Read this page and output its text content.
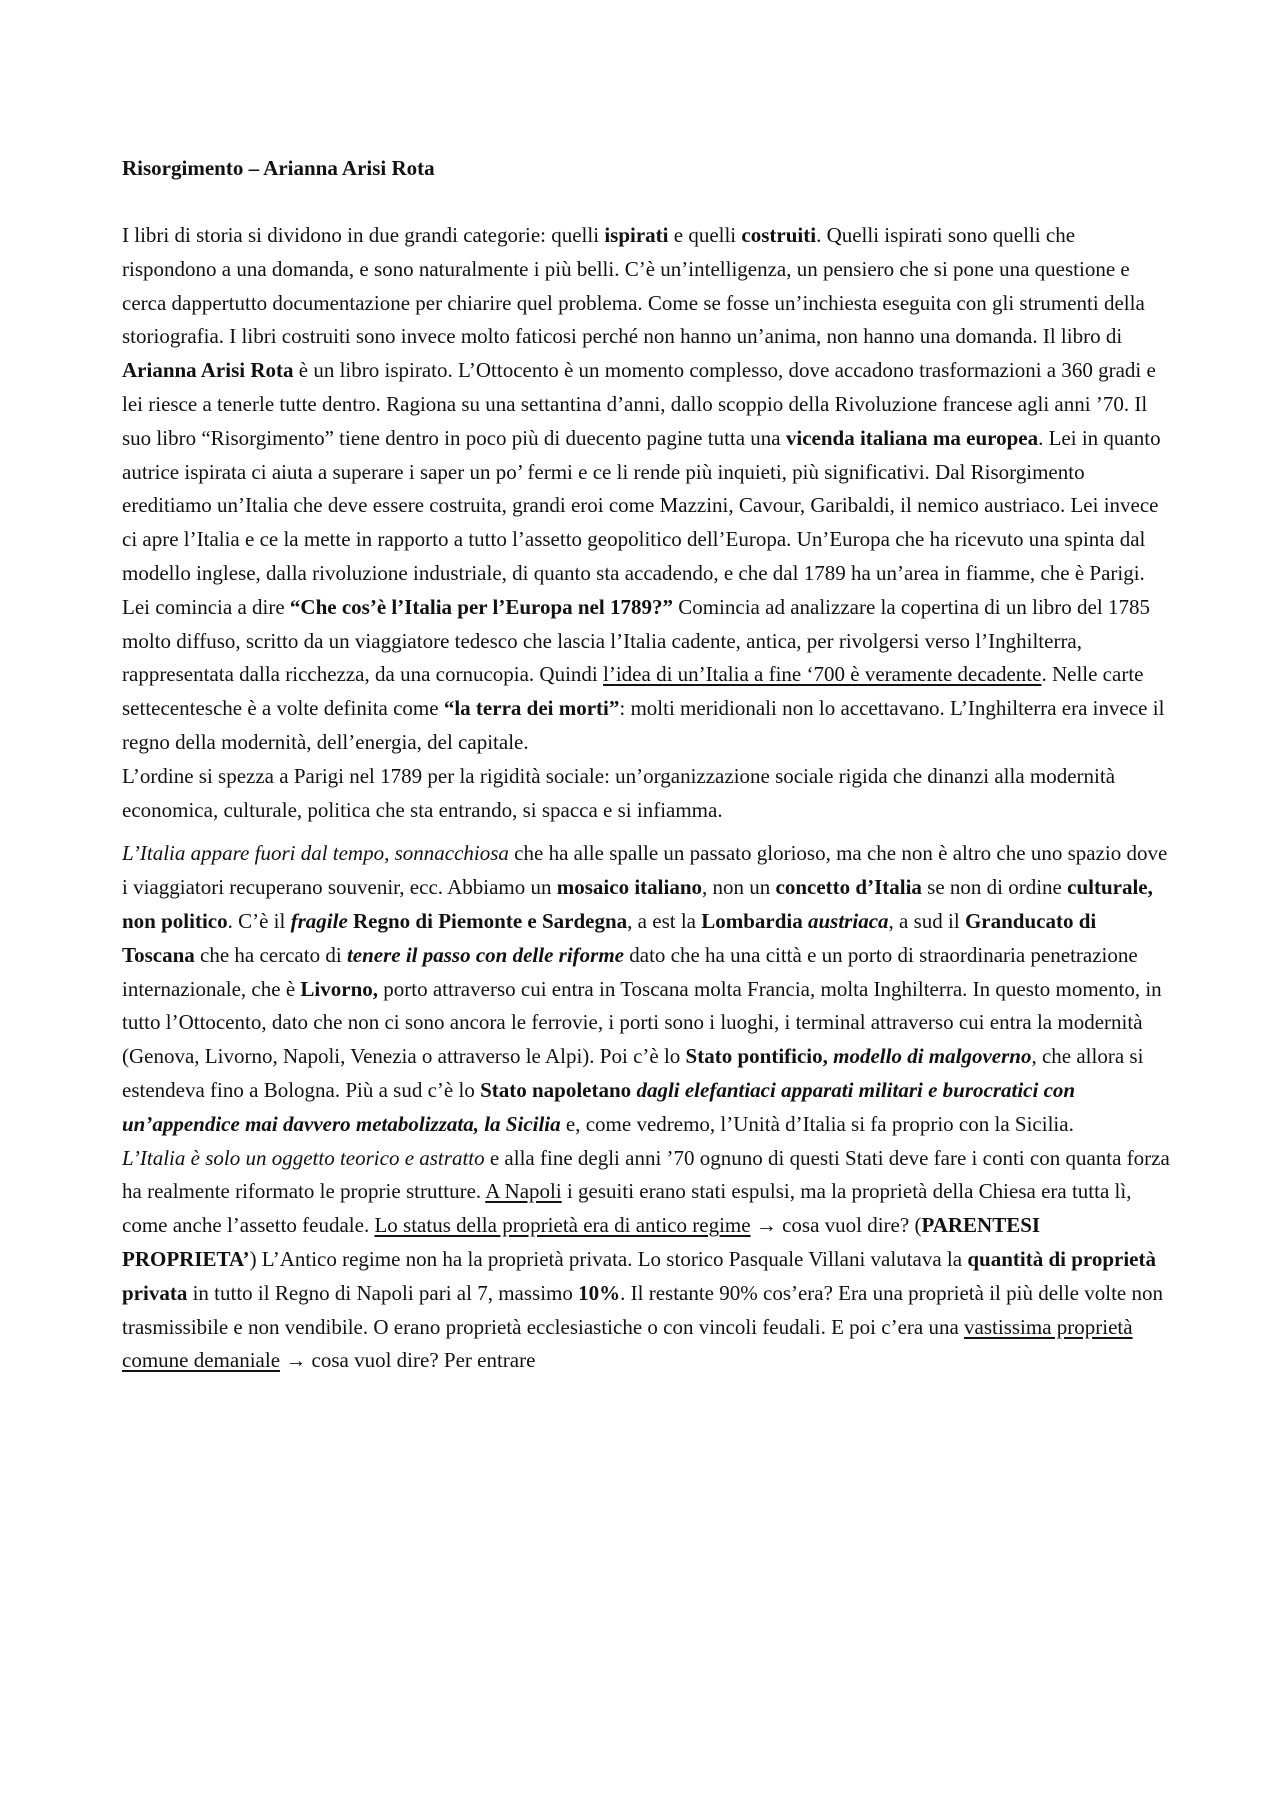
Risorgimento – Arianna Arisi Rota

I libri di storia si dividono in due grandi categorie: quelli ispirati e quelli costruiti. Quelli ispirati sono quelli che rispondono a una domanda, e sono naturalmente i più belli. C’è un’intelligenza, un pensiero che si pone una questione e cerca dappertutto documentazione per chiarire quel problema. Come se fosse un’inchiesta eseguita con gli strumenti della storiografia. I libri costruiti sono invece molto faticosi perché non hanno un’anima, non hanno una domanda. Il libro di Arianna Arisi Rota è un libro ispirato. L’Ottocento è un momento complesso, dove accadono trasformazioni a 360 gradi e lei riesce a tenerle tutte dentro. Ragiona su una settantina d’anni, dallo scoppio della Rivoluzione francese agli anni ’70. Il suo libro “Risorgimento” tiene dentro in poco più di duecento pagine tutta una vicenda italiana ma europea. Lei in quanto autrice ispirata ci aiuta a superare i saper un po’ fermi e ce li rende più inquieti, più significativi. Dal Risorgimento ereditiamo un’Italia che deve essere costruita, grandi eroi come Mazzini, Cavour, Garibaldi, il nemico austriaco. Lei invece ci apre l’Italia e ce la mette in rapporto a tutto l’assetto geopolitico dell’Europa. Un’Europa che ha ricevuto una spinta dal modello inglese, dalla rivoluzione industriale, di quanto sta accadendo, e che dal 1789 ha un’area in fiamme, che è Parigi. Lei comincia a dire “Che cos’è l’Italia per l’Europa nel 1789?” Comincia ad analizzare la copertina di un libro del 1785 molto diffuso, scritto da un viaggiatore tedesco che lascia l’Italia cadente, antica, per rivolgersi verso l’Inghilterra, rappresentata dalla ricchezza, da una cornucopia. Quindi l’idea di un’Italia a fine ‘700 è veramente decadente. Nelle carte settecentesche è a volte definita come “la terra dei morti”: molti meridionali non lo accettavano. L’Inghilterra era invece il regno della modernità, dell’energia, del capitale.

L’ordine si spezza a Parigi nel 1789 per la rigidità sociale: un’organizzazione sociale rigida che dinanzi alla modernità economica, culturale, politica che sta entrando, si spacca e si infiamma.

L’Italia appare fuori dal tempo, sonnacchiosa che ha alle spalle un passato glorioso, ma che non è altro che uno spazio dove i viaggiatori recuperano souvenir, ecc. Abbiamo un mosaico italiano, non un concetto d’Italia se non di ordine culturale, non politico. C’è il fragile Regno di Piemonte e Sardegna, a est la Lombardia austriaca, a sud il Granducato di Toscana che ha cercato di tenere il passo con delle riforme dato che ha una città e un porto di straordinaria penetrazione internazionale, che è Livorno, porto attraverso cui entra in Toscana molta Francia, molta Inghilterra. In questo momento, in tutto l’Ottocento, dato che non ci sono ancora le ferrovie, i porti sono i luoghi, i terminal attraverso cui entra la modernità (Genova, Livorno, Napoli, Venezia o attraverso le Alpi). Poi c’è lo Stato pontificio, modello di malgoverno, che allora si estendeva fino a Bologna. Più a sud c’è lo Stato napoletano dagli elefantiaci apparati militari e burocratici con un’appendice mai davvero metabolizzata, la Sicilia e, come vedremo, l’Unità d’Italia si fa proprio con la Sicilia.

L’Italia è solo un oggetto teorico e astratto e alla fine degli anni ’70 ognuno di questi Stati deve fare i conti con quanta forza ha realmente riformato le proprie strutture. A Napoli i gesuiti erano stati espulsi, ma la proprietà della Chiesa era tutta lì, come anche l’assetto feudale. Lo status della proprietà era di antico regime → cosa vuol dire? (PARENTESI PROPRIETA’) L’Antico regime non ha la proprietà privata. Lo storico Pasquale Villani valutava la quantità di proprietà privata in tutto il Regno di Napoli pari al 7, massimo 10%. Il restante 90% cos’era? Era una proprietà il più delle volte non trasmissibile e non vendibile. O erano proprietà ecclesiastiche o con vincoli feudali. E poi c’era una vastissima proprietà comune demaniale → cosa vuol dire? Per entrare
